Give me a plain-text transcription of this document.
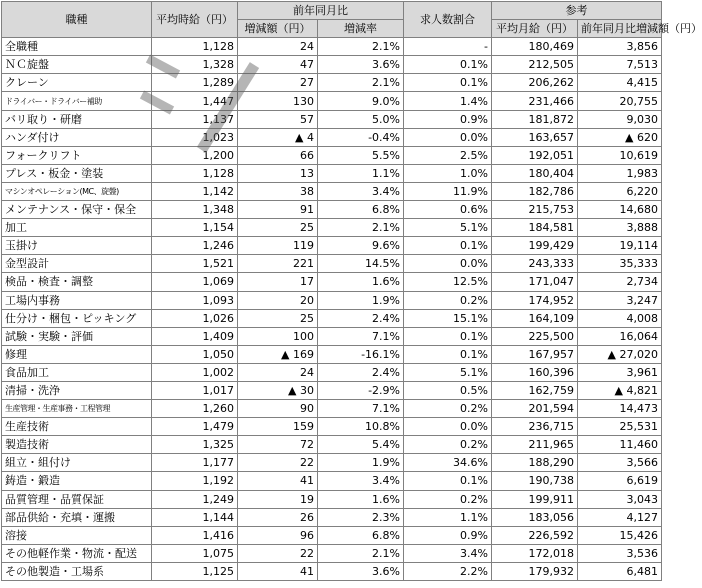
職種	平均時給（円）	前年同月比		求人数割合	参考	
		増減額（円）	増減率		平均月給（円）	前年同月比増減額（円）
全職種	1,128	24	2.1%	-	180,469	3,856
ＮＣ旋盤	1,328	47	3.6%	0.1%	212,505	7,513
クレーン	1,289	27	2.1%	0.1%	206,262	4,415
ドライバー・ドライバー補助	1,447	130	9.0%	1.4%	231,466	20,755
バリ取り・研磨	1,137	57	5.0%	0.9%	181,872	9,030
ハンダ付け	1,023	▲ 4	-0.4%	0.0%	163,657	▲ 620
フォークリフト	1,200	66	5.5%	2.5%	192,051	10,619
プレス・板金・塗装	1,128	13	1.1%	1.0%	180,404	1,983
マシンオペレーション(MC、旋盤)	1,142	38	3.4%	11.9%	182,786	6,220
メンテナンス・保守・保全	1,348	91	6.8%	0.6%	215,753	14,680
加工	1,154	25	2.1%	5.1%	184,581	3,888
玉掛け	1,246	119	9.6%	0.1%	199,429	19,114
金型設計	1,521	221	14.5%	0.0%	243,333	35,333
検品・検査・調整	1,069	17	1.6%	12.5%	171,047	2,734
工場内事務	1,093	20	1.9%	0.2%	174,952	3,247
仕分け・梱包・ピッキング	1,026	25	2.4%	15.1%	164,109	4,008
試験・実験・評価	1,409	100	7.1%	0.1%	225,500	16,064
修理	1,050	▲ 169	-16.1%	0.1%	167,957	▲ 27,020
食品加工	1,002	24	2.4%	5.1%	160,396	3,961
清掃・洗浄	1,017	▲ 30	-2.9%	0.5%	162,759	▲ 4,821
生産管理・生産事務・工程管理	1,260	90	7.1%	0.2%	201,594	14,473
生産技術	1,479	159	10.8%	0.0%	236,715	25,531
製造技術	1,325	72	5.4%	0.2%	211,965	11,460
組立・組付け	1,177	22	1.9%	34.6%	188,290	3,566
鋳造・鍛造	1,192	41	3.4%	0.1%	190,738	6,619
品質管理・品質保証	1,249	19	1.6%	0.2%	199,911	3,043
部品供給・充填・運搬	1,144	26	2.3%	1.1%	183,056	4,127
溶接	1,416	96	6.8%	0.9%	226,592	15,426
その他軽作業・物流・配送	1,075	22	2.1%	3.4%	172,018	3,536
その他製造・工場系	1,125	41	3.6%	2.2%	179,932	6,481
